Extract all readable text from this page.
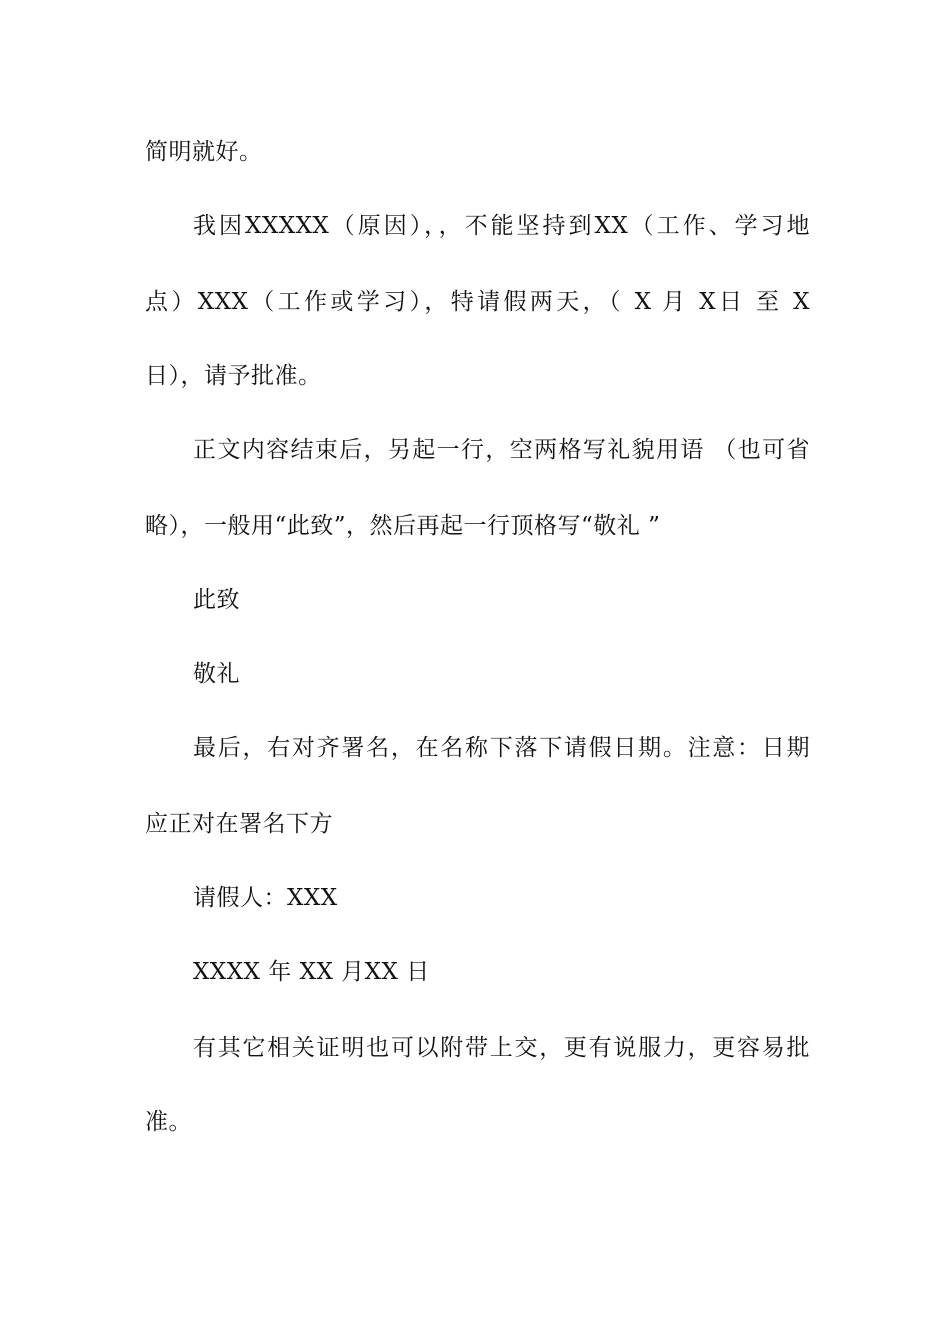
简明就好。
我因XXXXX（原因），，不能坚持到XX（工作、学习地
点）XXX（工作或学习），特请假两天，（ X 月 X日 至 X
日），请予批准。
正文内容结束后，另起一行，空两格写礼貌用语 （也可省
略），一般用“此致”，然后再起一行顶格写“敬礼 ”
此致
敬礼
最后，右对齐署名，在名称下落下请假日期。注意：日期
应正对在署名下方
请假人：XXX
XXXX 年 XX 月XX 日
有其它相关证明也可以附带上交，更有说服力，更容易批
准。
